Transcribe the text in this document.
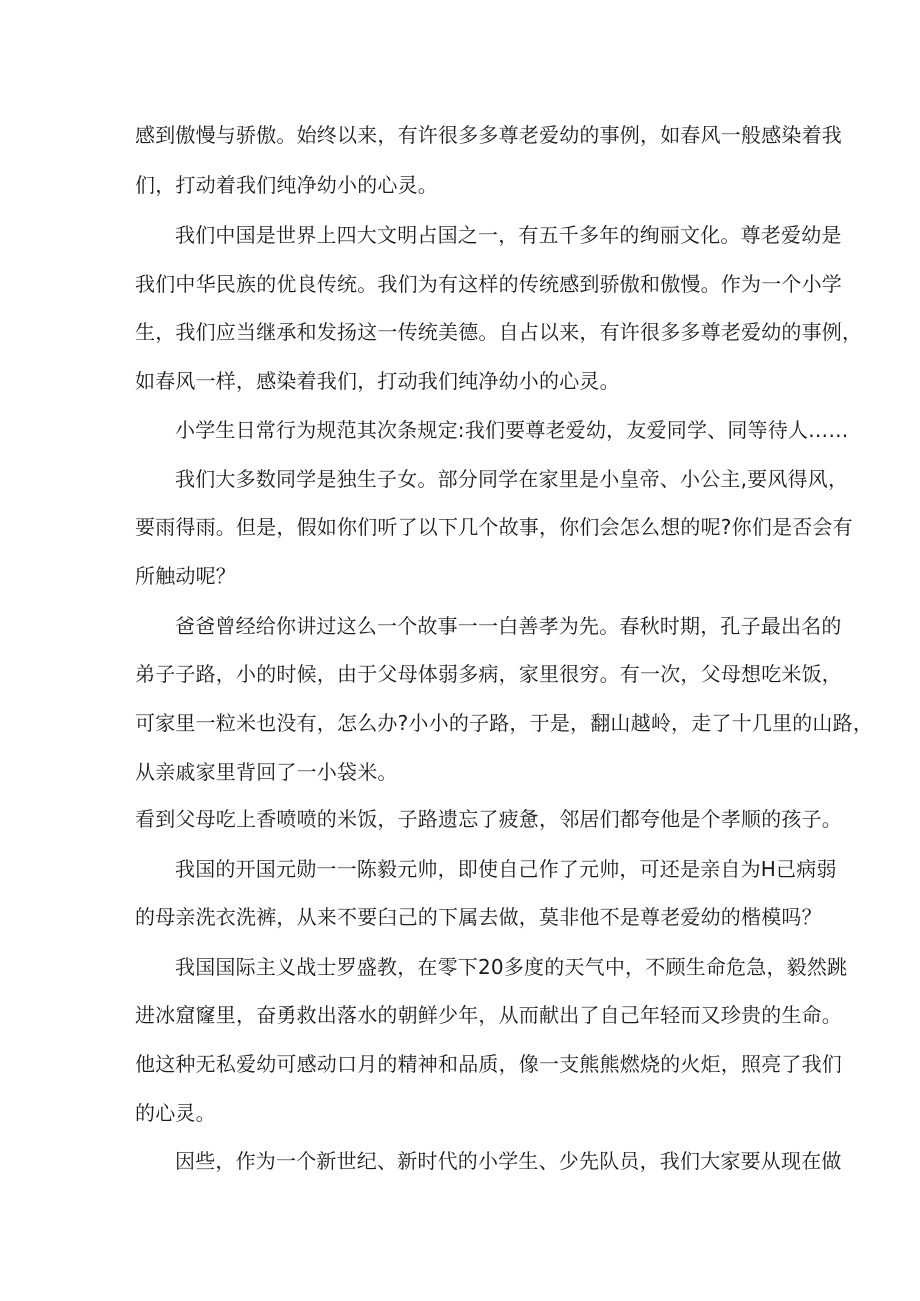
感到傲慢与骄傲。始终以来，有许很多多尊老爱幼的事例，如春风一般感染着我
们，打动着我们纯净幼小的心灵。
我们中国是世界上四大文明占国之一，有五千多年的绚丽文化。尊老爱幼是
我们中华民族的优良传统。我们为有这样的传统感到骄傲和傲慢。作为一个小学
生，我们应当继承和发扬这一传统美德。自占以来，有许很多多尊老爱幼的事例，
如春风一样，感染着我们，打动我们纯净幼小的心灵。
小学生日常行为规范其次条规定:我们要尊老爱幼，友爱同学、同等待人……
我们大多数同学是独生子女。部分同学在家里是小皇帝、小公主,要风得风，
要雨得雨。但是，假如你们听了以下几个故事，你们会怎么想的呢?你们是否会有
所触动呢？
爸爸曾经给你讲过这么一个故事一一白善孝为先。春秋时期，孔子最出名的
弟子子路，小的时候，由于父母体弱多病，家里很穷。有一次，父母想吃米饭，
可家里一粒米也没有，怎么办?小小的子路，于是，翻山越岭，走了十几里的山路，
从亲戚家里背回了一小袋米。
看到父母吃上香喷喷的米饭，子路遗忘了疲惫，邻居们都夸他是个孝顺的孩子。
我国的开国元勋一一陈毅元帅，即使自己作了元帅，可还是亲自为H己病弱
的母亲洗衣洗裤，从来不要臼己的下属去做，莫非他不是尊老爱幼的楷模吗？
我国国际主义战士罗盛教，在零下20多度的天气中，不顾生命危急，毅然跳
进冰窟窿里，奋勇救出落水的朝鲜少年，从而献出了自己年轻而又珍贵的生命。
他这种无私爱幼可感动口月的精神和品质，像一支熊熊燃烧的火炬，照亮了我们
的心灵。
因些，作为一个新世纪、新时代的小学生、少先队员，我们大家要从现在做
